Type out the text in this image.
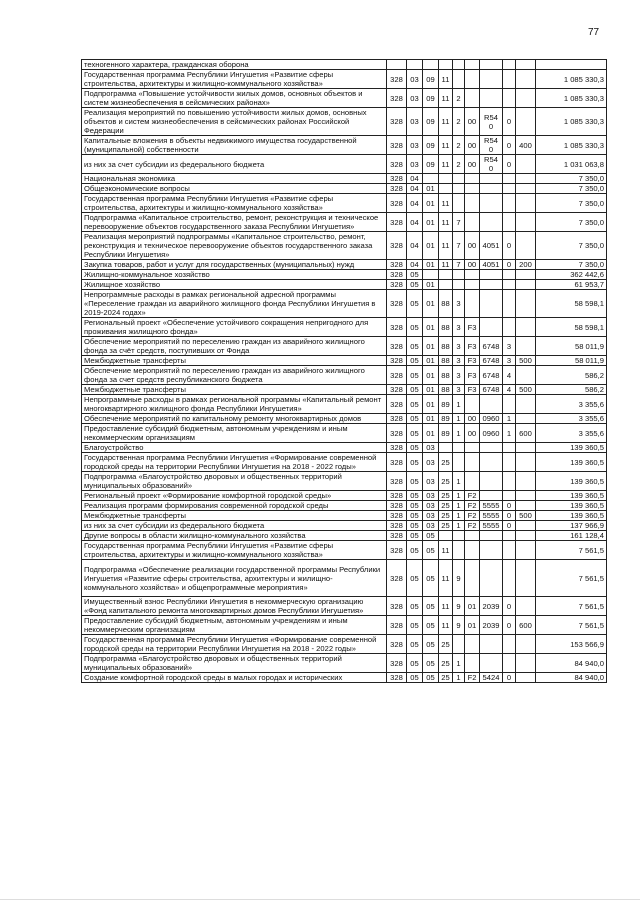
77
техногенного характера, гражданская оборона										
Государственная программа Республики Ингушетия «Развитие сферы строительства, архитектуры и жилищно-коммунального хозяйства»	328	03	09	11						1 085 330,3
Подпрограмма «Повышение устойчивости жилых домов, основных объектов и систем жизнеобеспечения в сейсмических районах»	328	03	09	11	2					1 085 330,3
Реализация мероприятий по повышению устойчивости жилых домов, основных объектов и систем жизнеобеспечения в сейсмических районах Российской Федерации	328	03	09	11	2	00	R540	0		1 085 330,3
Капитальные вложения в объекты недвижимого имущества государственной (муниципальной) собственности	328	03	09	11	2	00	R540	0	400	1 085 330,3
из них за счет субсидии из федерального бюджета	328	03	09	11	2	00	R540	0		1 031 063,8
Национальная экономика	328	04								7 350,0
Общеэкономические вопросы	328	04	01							7 350,0
Государственная программа Республики Ингушетия «Развитие сферы строительства, архитектуры и жилищно-коммунального хозяйства»	328	04	01	11						7 350,0
Подпрограмма «Капитальное строительство, ремонт, реконструкция и техническое перевооружение объектов государственного заказа Республики Ингушетия»	328	04	01	11	7					7 350,0
Реализация мероприятий подпрограммы «Капитальное строительство, ремонт, реконструкция и техническое перевооружение объектов государственного заказа Республики Ингушетия»	328	04	01	11	7	00	4051	0		7 350,0
Закупка товаров, работ и услуг для государственных (муниципальных) нужд	328	04	01	11	7	00	4051	0	200	7 350,0
Жилищно-коммунальное хозяйство	328	05								362 442,6
Жилищное хозяйство	328	05	01							61 953,7
Непрограммные расходы в рамках региональной адресной программы «Переселение граждан из аварийного жилищного фонда Республики Ингушетия в 2019-2024 годах»	328	05	01	88	3					58 598,1
Региональный проект «Обеспечение устойчивого сокращения непригодного для проживания жилищного фонда»	328	05	01	88	3	F3				58 598,1
Обеспечение мероприятий по переселению граждан из аварийного жилищного фонда за счёт средств, поступивших от Фонда	328	05	01	88	3	F3	6748	3		58 011,9
Межбюджетные трансферты	328	05	01	88	3	F3	6748	3	500	58 011,9
Обеспечение мероприятий по переселению граждан из аварийного жилищного фонда за счет средств республиканского бюджета	328	05	01	88	3	F3	6748	4		586,2
Межбюджетные трансферты	328	05	01	88	3	F3	6748	4	500	586,2
Непрограммные расходы в рамках региональной программы «Капитальный ремонт многоквартирного жилищного фонда Республики Ингушетия»	328	05	01	89	1					3 355,6
Обеспечение мероприятий по капитальному ремонту многоквартирных домов	328	05	01	89	1	00	0960	1		3 355,6
Предоставление субсидий бюджетным, автономным учреждениям и иным некоммерческим организациям	328	05	01	89	1	00	0960	1	600	3 355,6
Благоустройство	328	05	03							139 360,5
Государственная программа Республики Ингушетия «Формирование современной городской среды на территории Республики Ингушетия на 2018 - 2022 годы»	328	05	03	25						139 360,5
Подпрограмма «Благоустройство дворовых и общественных территорий муниципальных образований»	328	05	03	25	1					139 360,5
Региональный проект «Формирование комфортной городской среды»	328	05	03	25	1	F2				139 360,5
Реализация программ формирования современной городской среды	328	05	03	25	1	F2	5555	0		139 360,5
Межбюджетные трансферты	328	05	03	25	1	F2	5555	0	500	139 360,5
из них за счет субсидии из федерального бюджета	328	05	03	25	1	F2	5555	0		137 966,9
Другие вопросы в области жилищно-коммунального хозяйства	328	05	05							161 128,4
Государственная программа Республики Ингушетия «Развитие сферы строительства, архитектуры и жилищно-коммунального хозяйства»	328	05	05	11						7 561,5
Подпрограмма «Обеспечение реализации государственной программы Республики Ингушетия «Развитие сферы строительства, архитектуры и жилищно-коммунального хозяйства» и общепрограммные мероприятия»	328	05	05	11	9					7 561,5
Имущественный взнос Республики Ингушетия в некоммерческую организацию «Фонд капитального ремонта многоквартирных домов Республики Ингушетия»	328	05	05	11	9	01	2039	0		7 561,5
Предоставление субсидий бюджетным, автономным учреждениям и иным некоммерческим организациям	328	05	05	11	9	01	2039	0	600	7 561,5
Государственная программа Республики Ингушетия «Формирование современной городской среды на территории Республики Ингушетия на 2018 - 2022 годы»	328	05	05	25						153 566,9
Подпрограмма «Благоустройство дворовых и общественных территорий муниципальных образований»	328	05	05	25	1					84 940,0
Создание комфортной городской среды в малых городах и исторических	328	05	05	25	1	F2	5424	0		84 940,0
